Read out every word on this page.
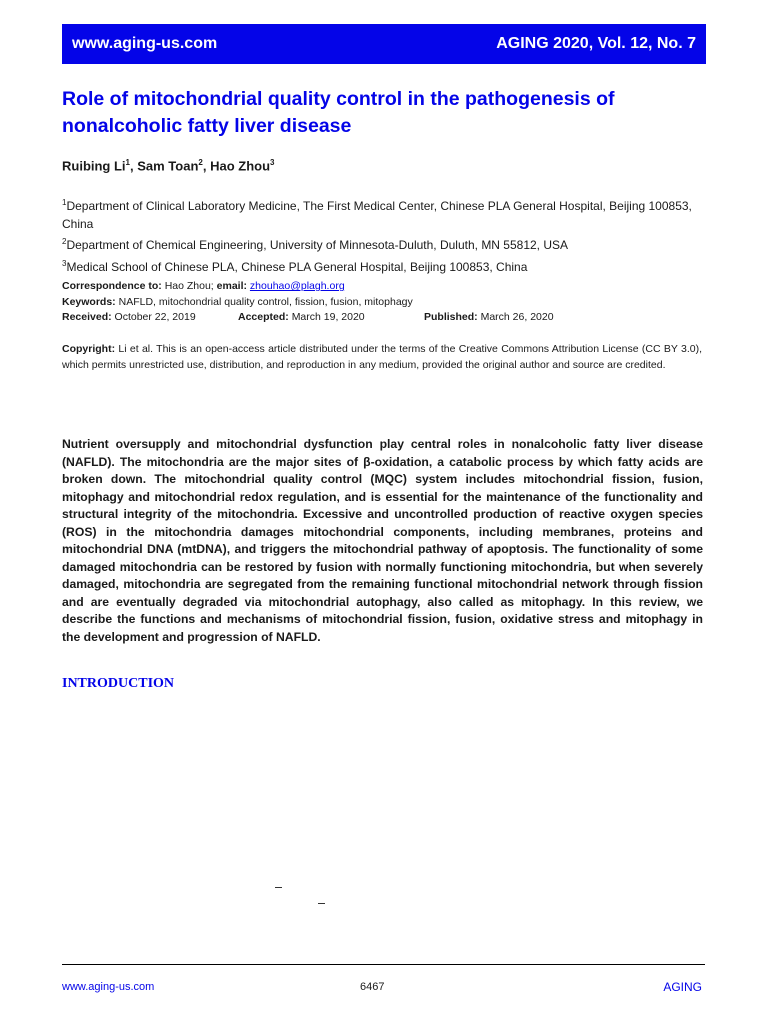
www.aging-us.com	AGING 2020, Vol. 12, No. 7
Role of mitochondrial quality control in the pathogenesis of nonalcoholic fatty liver disease
Ruibing Li$^1$, Sam Toan$^2$, Hao Zhou$^3$
$^1$Department of Clinical Laboratory Medicine, The First Medical Center, Chinese PLA General Hospital, Beijing 100853, China
$^2$Department of Chemical Engineering, University of Minnesota-Duluth, Duluth, MN 55812, USA
$^3$Medical School of Chinese PLA, Chinese PLA General Hospital, Beijing 100853, China
Correspondence to: Hao Zhou; email: zhouhao@plagh.org
Keywords: NAFLD, mitochondrial quality control, fission, fusion, mitophagy
Received: October 22, 2019	Accepted: March 19, 2020	Published: March 26, 2020
Copyright: Li et al. This is an open-access article distributed under the terms of the Creative Commons Attribution License (CC BY 3.0), which permits unrestricted use, distribution, and reproduction in any medium, provided the original author and source are credited.

Nutrient oversupply and mitochondrial dysfunction play central roles in nonalcoholic fatty liver disease (NAFLD). The mitochondria are the major sites of β-oxidation, a catabolic process by which fatty acids are broken down. The mitochondrial quality control (MQC) system includes mitochondrial fission, fusion, mitophagy and mitochondrial redox regulation, and is essential for the maintenance of the functionality and structural integrity of the mitochondria. Excessive and uncontrolled production of reactive oxygen species (ROS) in the mitochondria damages mitochondrial components, including membranes, proteins and mitochondrial DNA (mtDNA), and triggers the mitochondrial pathway of apoptosis. The functionality of some damaged mitochondria can be restored by fusion with normally functioning mitochondria, but when severely damaged, mitochondria are segregated from the remaining functional mitochondrial network through fission and are eventually degraded via mitochondrial autophagy, also called as mitophagy. In this review, we describe the functions and mechanisms of mitochondrial fission, fusion, oxidative stress and mitophagy in the development and progression of NAFLD.

INTRODUCTION
www.aging-us.com	6467	AGING
